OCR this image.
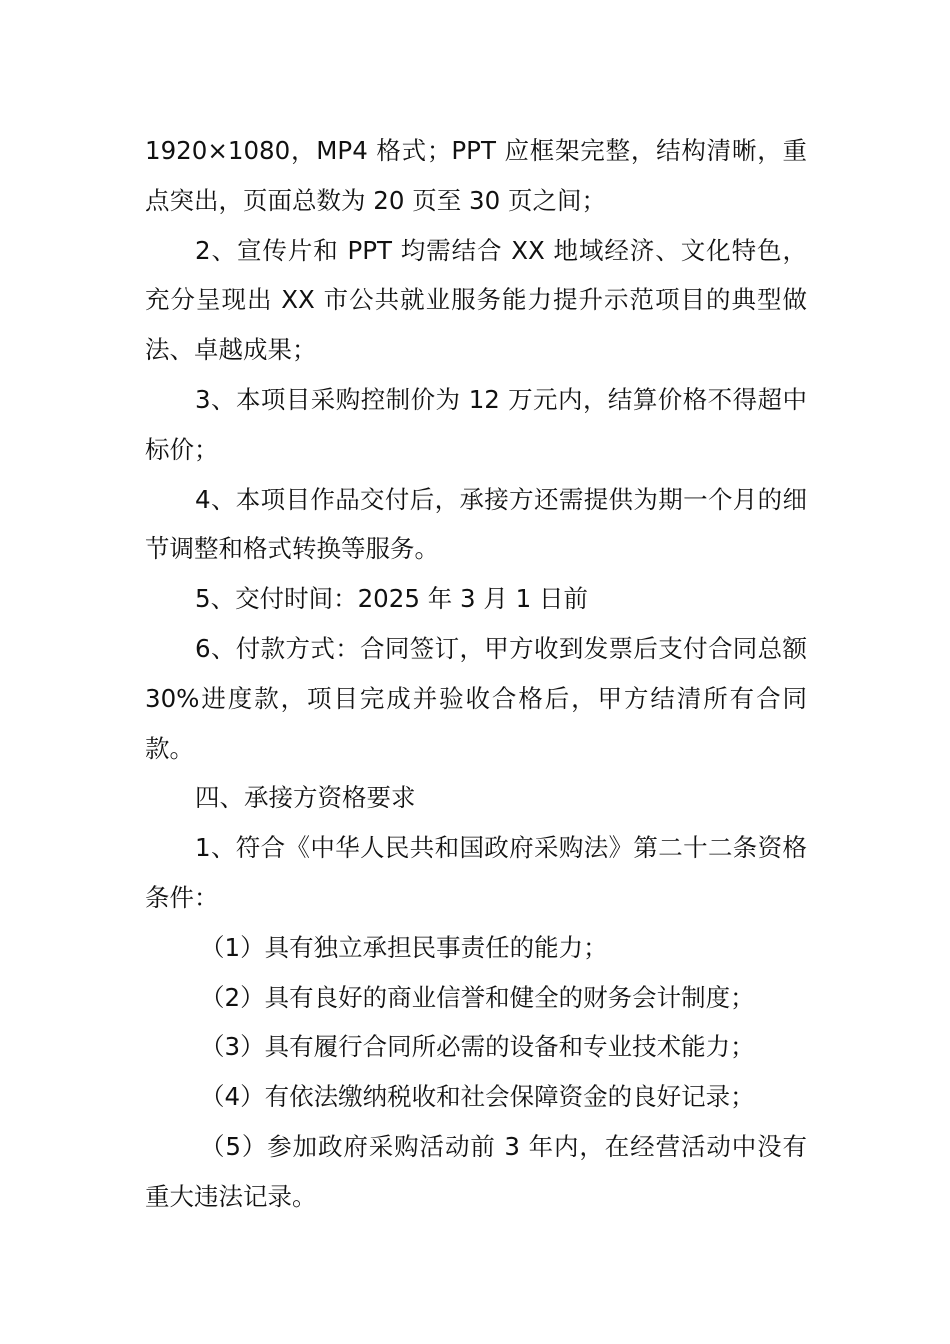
1920×1080，MP4 格式；PPT 应框架完整，结构清晰，重点突出，页面总数为 20 页至 30 页之间；

2、宣传片和 PPT 均需结合 XX 地域经济、文化特色，充分呈现出 XX 市公共就业服务能力提升示范项目的典型做法、卓越成果；

3、本项目采购控制价为 12 万元内，结算价格不得超中标价；

4、本项目作品交付后，承接方还需提供为期一个月的细节调整和格式转换等服务。

5、交付时间：2025 年 3 月 1 日前

6、付款方式：合同签订，甲方收到发票后支付合同总额 30%进度款，项目完成并验收合格后，甲方结清所有合同款。

四、承接方资格要求

1、符合《中华人民共和国政府采购法》第二十二条资格条件：

（1）具有独立承担民事责任的能力；

（2）具有良好的商业信誉和健全的财务会计制度；

（3）具有履行合同所必需的设备和专业技术能力；

（4）有依法缴纳税收和社会保障资金的良好记录；

（5）参加政府采购活动前 3 年内，在经营活动中没有重大违法记录。
